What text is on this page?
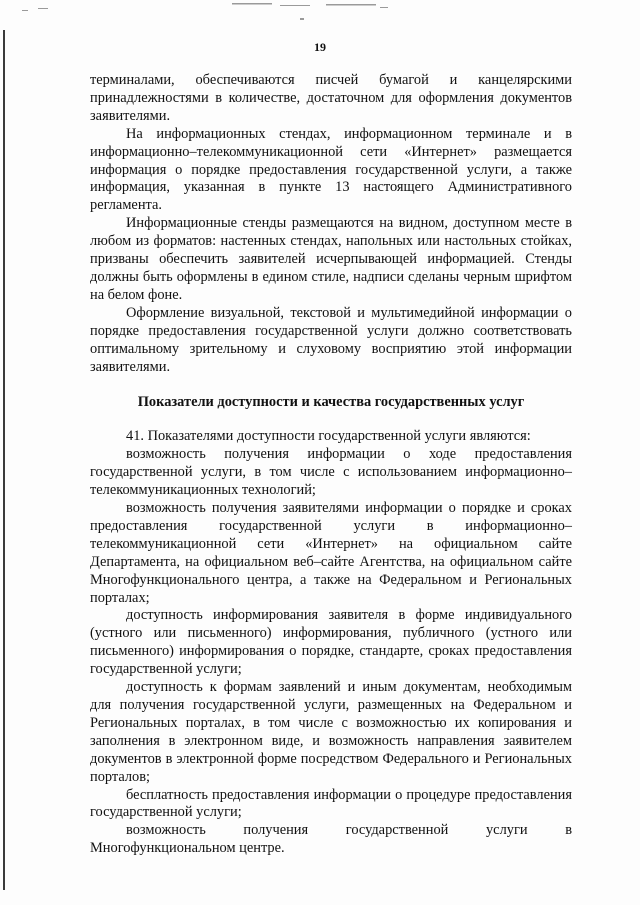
19

терминалами, обеспечиваются писчей бумагой и канцелярскими принадлежностями в количестве, достаточном для оформления документов заявителями.

На информационных стендах, информационном терминале и в информационно–телекоммуникационной сети «Интернет» размещается информация о порядке предоставления государственной услуги, а также информация, указанная в пункте 13 настоящего Административного регламента.

Информационные стенды размещаются на видном, доступном месте в любом из форматов: настенных стендах, напольных или настольных стойках, призваны обеспечить заявителей исчерпывающей информацией. Стенды должны быть оформлены в едином стиле, надписи сделаны черным шрифтом на белом фоне.

Оформление визуальной, текстовой и мультимедийной информации о порядке предоставления государственной услуги должно соответствовать оптимальному зрительному и слуховому восприятию этой информации заявителями.

Показатели доступности и качества государственных услуг

41. Показателями доступности государственной услуги являются:

возможность получения информации о ходе предоставления государственной услуги, в том числе с использованием информационно–телекоммуникационных технологий;

возможность получения заявителями информации о порядке и сроках предоставления государственной услуги в информационно–телекоммуникационной сети «Интернет» на официальном сайте Департамента, на официальном веб–сайте Агентства, на официальном сайте Многофункционального центра, а также на Федеральном и Региональных порталах;

доступность информирования заявителя в форме индивидуального (устного или письменного) информирования, публичного (устного или письменного) информирования о порядке, стандарте, сроках предоставления государственной услуги;

доступность к формам заявлений и иным документам, необходимым для получения государственной услуги, размещенных на Федеральном и Региональных порталах, в том числе с возможностью их копирования и заполнения в электронном виде, и возможность направления заявителем документов в электронной форме посредством Федерального и Региональных порталов;

бесплатность предоставления информации о процедуре предоставления государственной услуги;

возможность получения государственной услуги в Многофункциональном центре.
